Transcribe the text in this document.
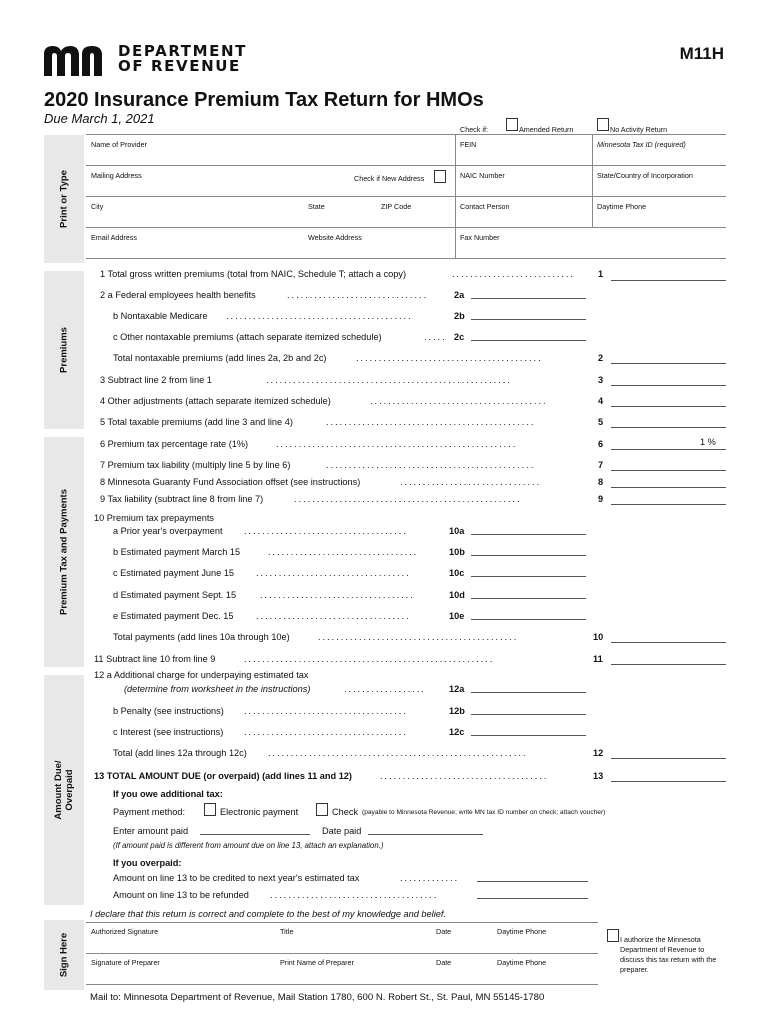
DEPARTMENT
OF REVENUE
M11H
2020 Insurance Premium Tax Return for HMOs
Due March 1, 2021
Check if:	Amended Return	No Activity Return
Print or Type
Premiums
Premium Tax and Payments
Amount Due/ Overpaid
Sign Here
Name of Provider	FEIN	Minnesota Tax ID (required)
Mailing Address	Check if New Address	NAIC Number	State/Country of Incorporation
City	State	ZIP Code	Contact Person	Daytime Phone
Email Address	Website Address	Fax Number
1 Total gross written premiums (total from NAIC, Schedule T; attach a copy)	...........................	1
2 a Federal employees health benefits	...............................	2a
b Nontaxable Medicare .........................................	2b
c Other nontaxable premiums (attach separate itemized schedule)	..... 2c
Total nontaxable premiums (add lines 2a, 2b and 2c)	.........................................	2
3 Subtract line 2 from line 1	......................................................	3
4 Other adjustments (attach separate itemized schedule)	.......................................	4
5 Total taxable premiums (add line 3 and line 4)	..............................................	5
6 Premium tax percentage rate (1%)	.....................................................	6	1 %
7 Premium tax liability (multiply line 5 by line 6)	..............................................	7
8 Minnesota Guaranty Fund Association offset (see instructions)	...............................	8
9 Tax liability (subtract line 8 from line 7)	..................................................	9
10 Premium tax prepayments
a Prior year's overpayment ....................................	10a
b Estimated payment March 15	.................................	10b
c Estimated payment June 15 ..................................	10c
d Estimated payment Sept. 15	..................................	10d
e Estimated payment Dec. 15 ..................................	10e
Total payments (add lines 10a through 10e)	............................................	10
11 Subtract line 10 from line 9	.......................................................	11
12 a Additional charge for underpaying estimated tax
(determine from worksheet in the instructions)	..................	12a
b Penalty (see instructions) ....................................	12b
c Interest (see instructions) ....................................	12c
Total (add lines 12a through 12c) .........................................................	12
13 TOTAL AMOUNT DUE (or overpaid) (add lines 11 and 12)	.....................................	13
If you owe additional tax:
Payment method:	Electronic payment	Check (payable to Minnesota Revenue; write MN tax ID number on check; attach voucher)
Enter amount paid	Date paid
(If amount paid is different from amount due on line 13, attach an explanation.)
If you overpaid:
Amount on line 13 to be credited to next year's estimated tax	.............
Amount on line 13 to be refunded .....................................
I declare that this return is correct and complete to the best of my knowledge and belief.
Authorized Signature	Title	Date	Daytime Phone
Signature of Preparer	Print Name of Preparer	Date	Daytime Phone
I authorize the Minnesota Department of Revenue to discuss this tax return with the preparer.
Mail to: Minnesota Department of Revenue, Mail Station 1780, 600 N. Robert St., St. Paul, MN 55145-1780
